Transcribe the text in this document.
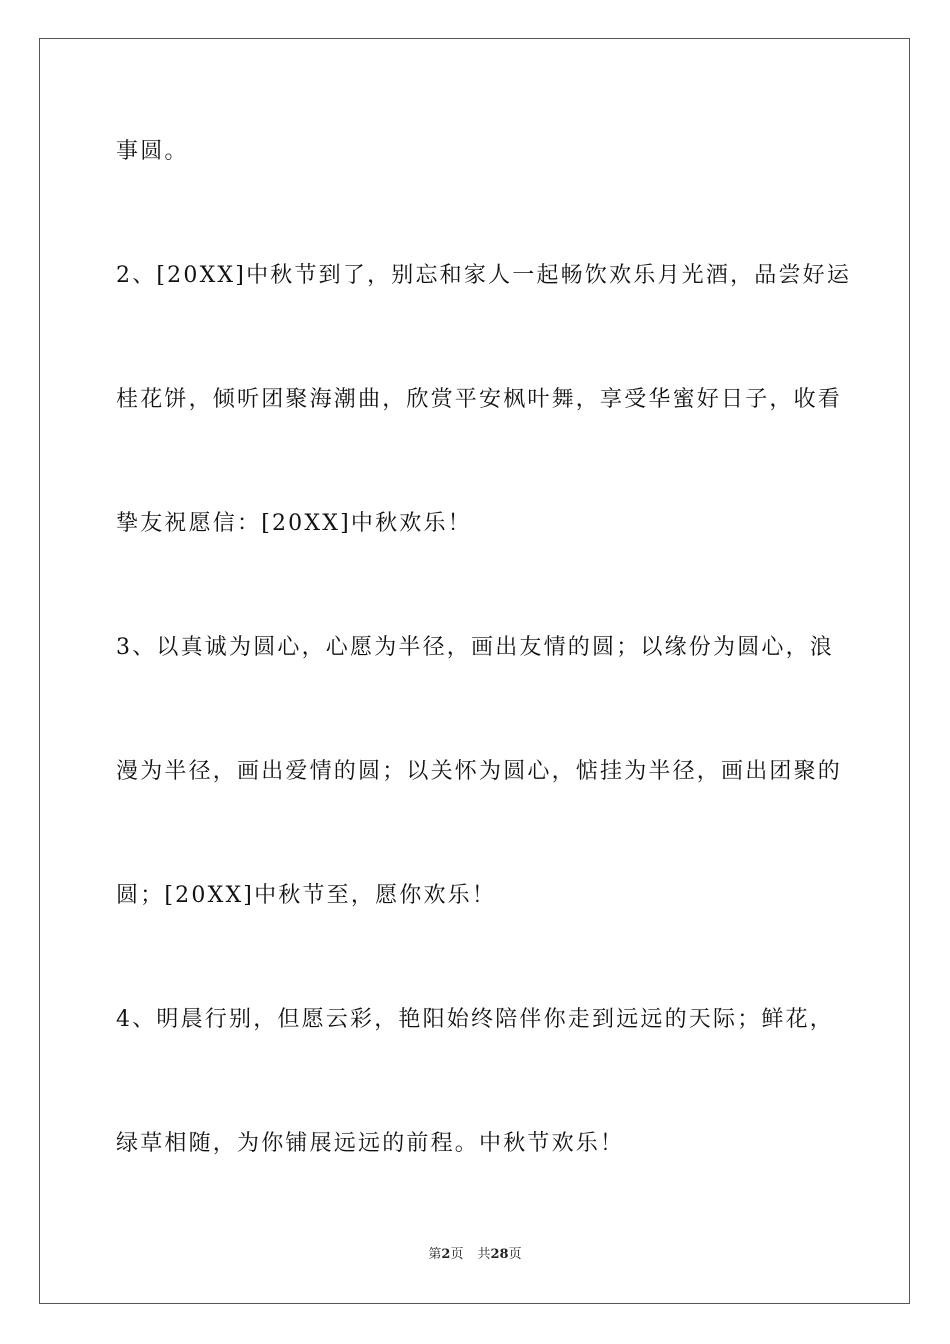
事圆。
2、[20XX]中秋节到了，别忘和家人一起畅饮欢乐月光酒，品尝好运
桂花饼，倾听团聚海潮曲，欣赏平安枫叶舞，享受华蜜好日子，收看
挚友祝愿信：[20XX]中秋欢乐！
3、以真诚为圆心，心愿为半径，画出友情的圆；以缘份为圆心，浪
漫为半径，画出爱情的圆；以关怀为圆心，惦挂为半径，画出团聚的
圆；[20XX]中秋节至，愿你欢乐！
4、明晨行别，但愿云彩，艳阳始终陪伴你走到远远的天际；鲜花，
绿草相随，为你铺展远远的前程。中秋节欢乐！
第2页 共28页
